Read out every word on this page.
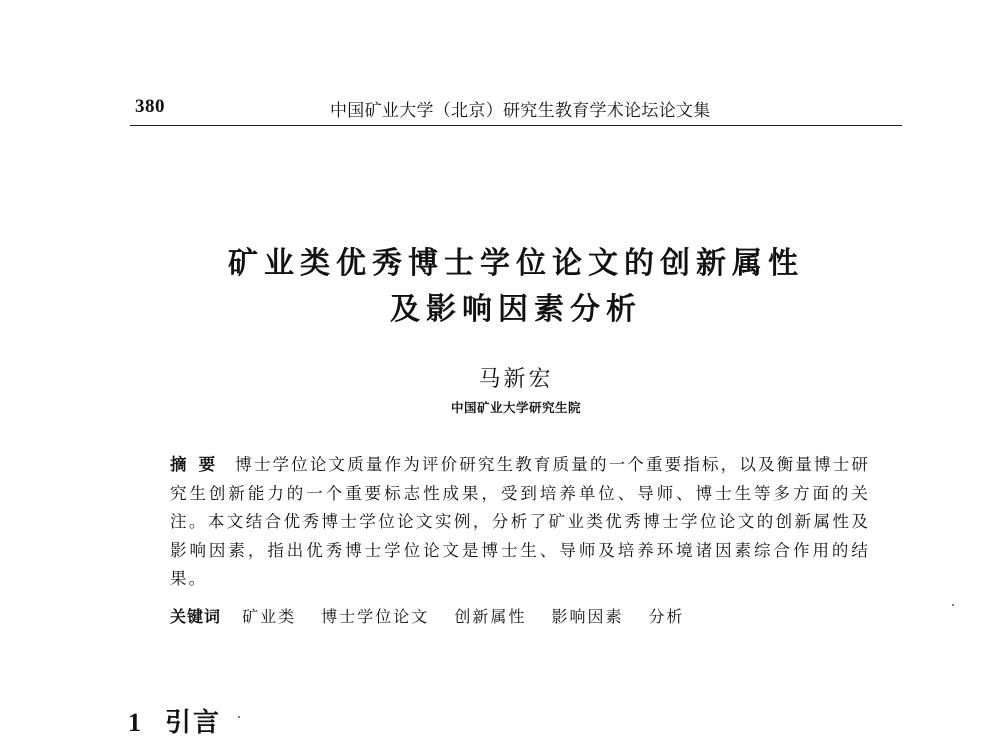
380	中国矿业大学（北京）研究生教育学术论坛论文集
矿业类优秀博士学位论文的创新属性
及影响因素分析
马新宏
中国矿业大学研究生院
摘要 博士学位论文质量作为评价研究生教育质量的一个重要指标，以及衡量博士研究生创新能力的一个重要标志性成果，受到培养单位、导师、博士生等多方面的关注。本文结合优秀博士学位论文实例，分析了矿业类优秀博士学位论文的创新属性及影响因素，指出优秀博士学位论文是博士生、导师及培养环境诸因素综合作用的结果。
关键词 矿业类 博士学位论文 创新属性 影响因素 分析
1 引言
